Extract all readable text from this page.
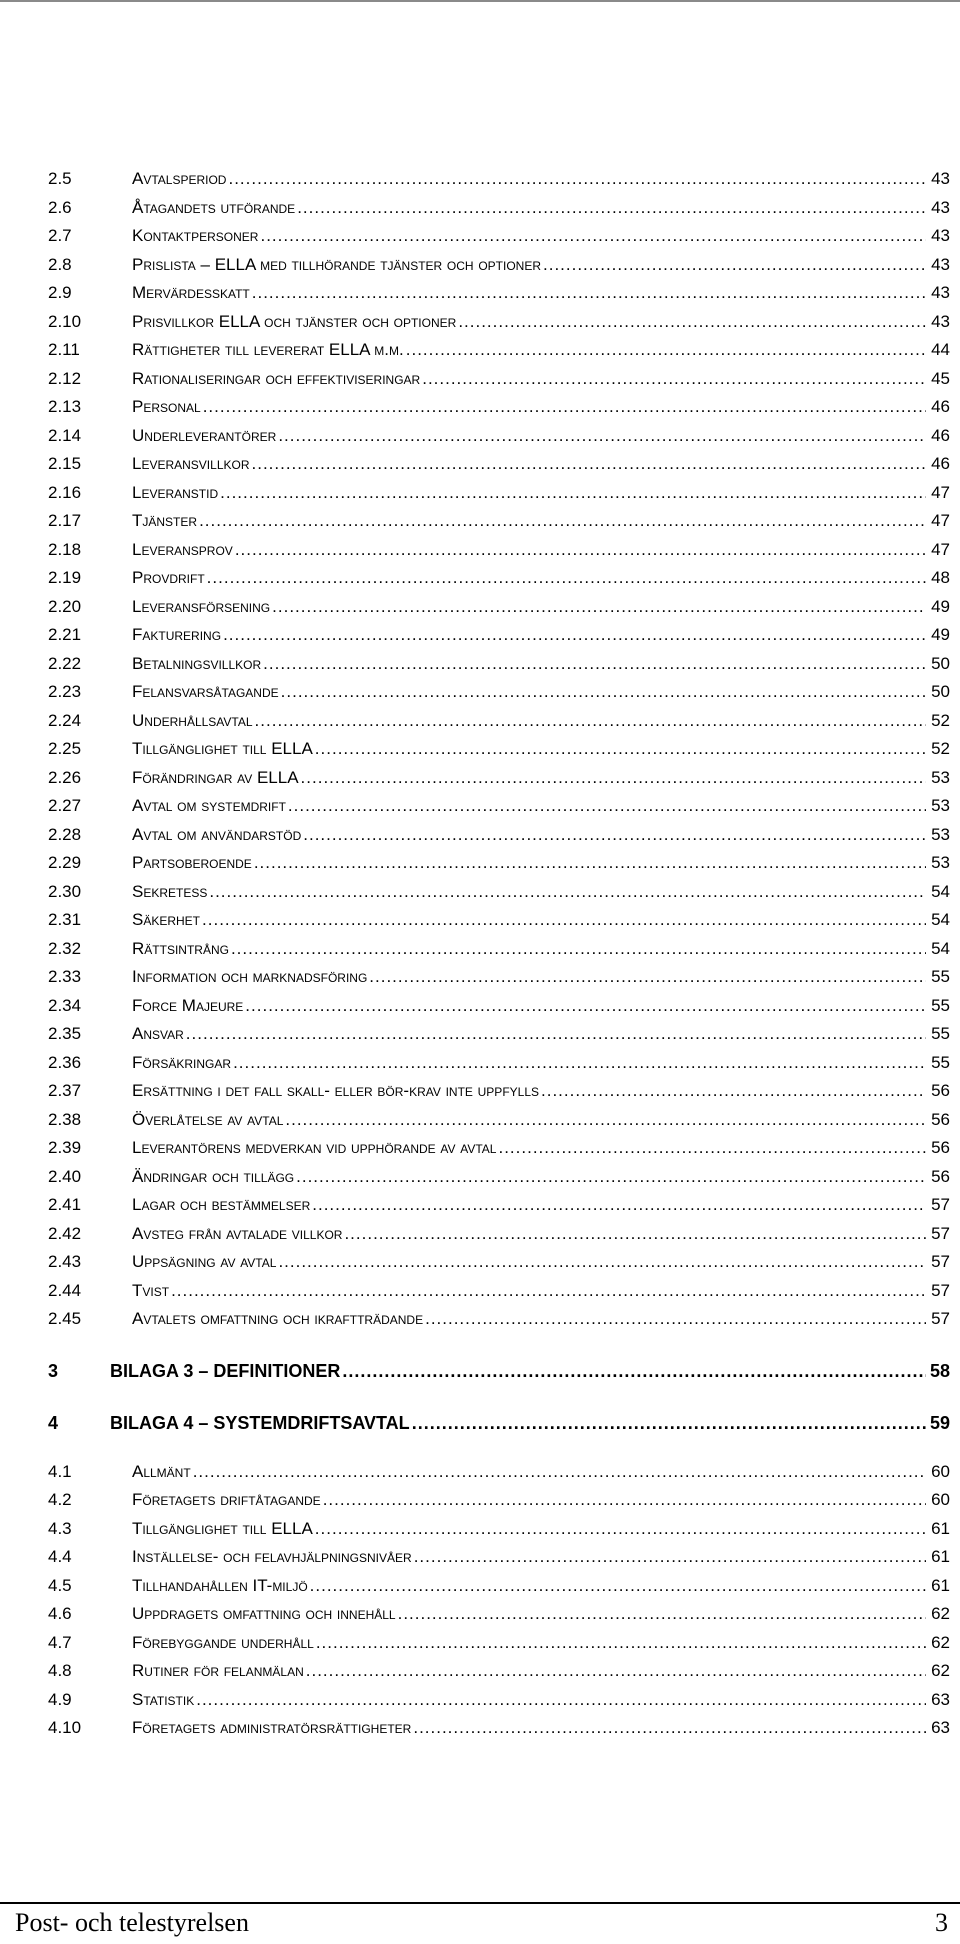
2.5	Avtalsperiod .....	43
2.6	Åtagandets utförande .....	43
2.7	Kontaktpersoner .....	43
2.8	Prislista – ELLA med tillhörande tjänster och optioner .....	43
2.9	Mervärdesskatt .....	43
2.10	Prisvillkor ELLA och tjänster och optioner .....	43
2.11	Rättigheter till levererat ELLA m.m. .....	44
2.12	Rationaliseringar och effektiviseringar .....	45
2.13	Personal .....	46
2.14	Underleverantörer .....	46
2.15	Leveransvillkor .....	46
2.16	Leveranstid .....	47
2.17	Tjänster .....	47
2.18	Leveransprov .....	47
2.19	Provdrift .....	48
2.20	Leveransförsening .....	49
2.21	Fakturering .....	49
2.22	Betalningsvillkor .....	50
2.23	Felansvarsåtagande .....	50
2.24	Underhållsavtal .....	52
2.25	Tillgänglighet till ELLA .....	52
2.26	Förändringar av ELLA .....	53
2.27	Avtal om systemdrift .....	53
2.28	Avtal om användarstöd .....	53
2.29	Partsoberoende .....	53
2.30	Sekretess .....	54
2.31	Säkerhet .....	54
2.32	Rättsintrång .....	54
2.33	Information och marknadsföring .....	55
2.34	Force Majeure .....	55
2.35	Ansvar .....	55
2.36	Försäkringar .....	55
2.37	Ersättning i det fall skall- eller bör-krav inte uppfylls .....	56
2.38	Överlåtelse av avtal .....	56
2.39	Leverantörens medverkan vid upphörande av avtal .....	56
2.40	Ändringar och tillägg .....	56
2.41	Lagar och bestämmelser .....	57
2.42	Avsteg från avtalade villkor .....	57
2.43	Uppsägning av avtal .....	57
2.44	Tvist .....	57
2.45	Avtalets omfattning och ikraftträdande .....	57
3	BILAGA 3 – DEFINITIONER .....	58
4	BILAGA 4 – SYSTEMDRIFTSAVTAL .....	59
4.1	Allmänt .....	60
4.2	Företagets driftåtagande .....	60
4.3	Tillgänglighet till ELLA .....	61
4.4	Inställelse- och felavhjälpningsnivåer .....	61
4.5	Tillhandahållen IT-miljö .....	61
4.6	Uppdragets omfattning och innehåll .....	62
4.7	Förebyggande underhåll .....	62
4.8	Rutiner för felanmälan .....	62
4.9	Statistik .....	63
4.10	Företagets administratörsrättigheter .....	63
Post- och telestyrelsen	3
